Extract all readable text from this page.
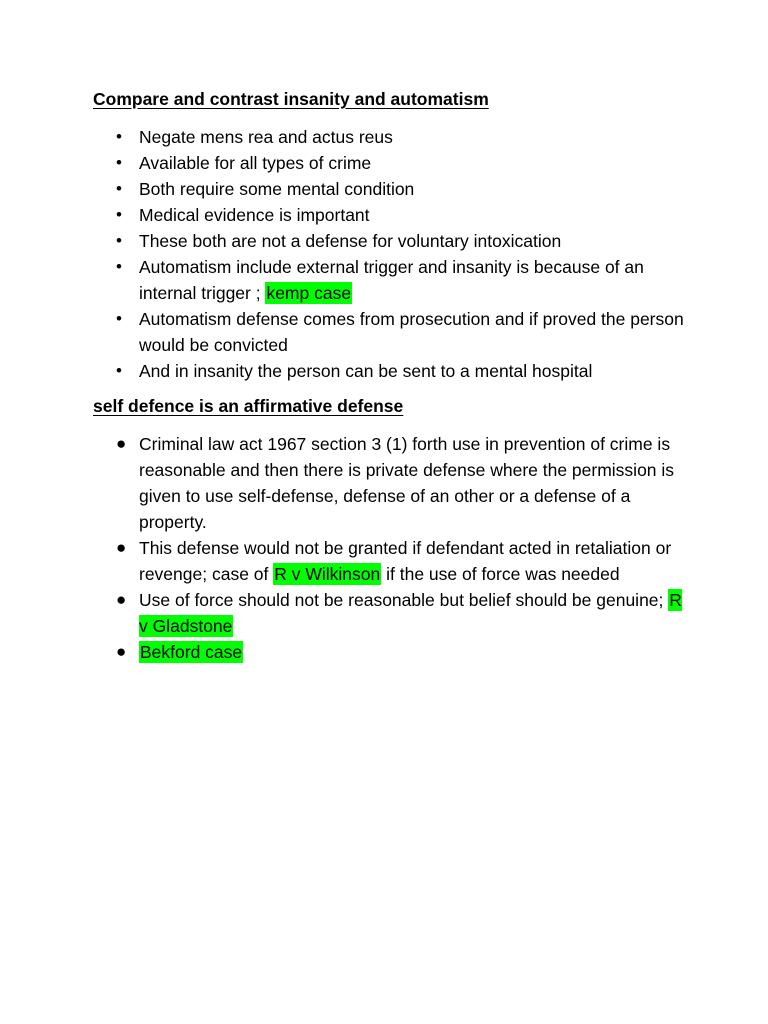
Compare and contrast insanity and automatism
• Negate mens rea and actus reus
• Available for all types of crime
• Both require some mental condition
• Medical evidence is important
• These both are not a defense for voluntary intoxication
• Automatism include external trigger and insanity is because of an internal trigger ; kemp case
• Automatism defense comes from prosecution and if proved the person would be convicted
• And in insanity the person can be sent to a mental hospital
self defence is an affirmative defense
● Criminal law act 1967 section 3 (1) forth use in prevention of crime is reasonable and then there is private defense where the permission is given to use self-defense, defense of an other or a defense of a property.
● This defense would not be granted if defendant acted in retaliation or revenge; case of R v Wilkinson if the use of force was needed
● Use of force should not be reasonable but belief should be genuine; R v Gladstone
● Bekford case
